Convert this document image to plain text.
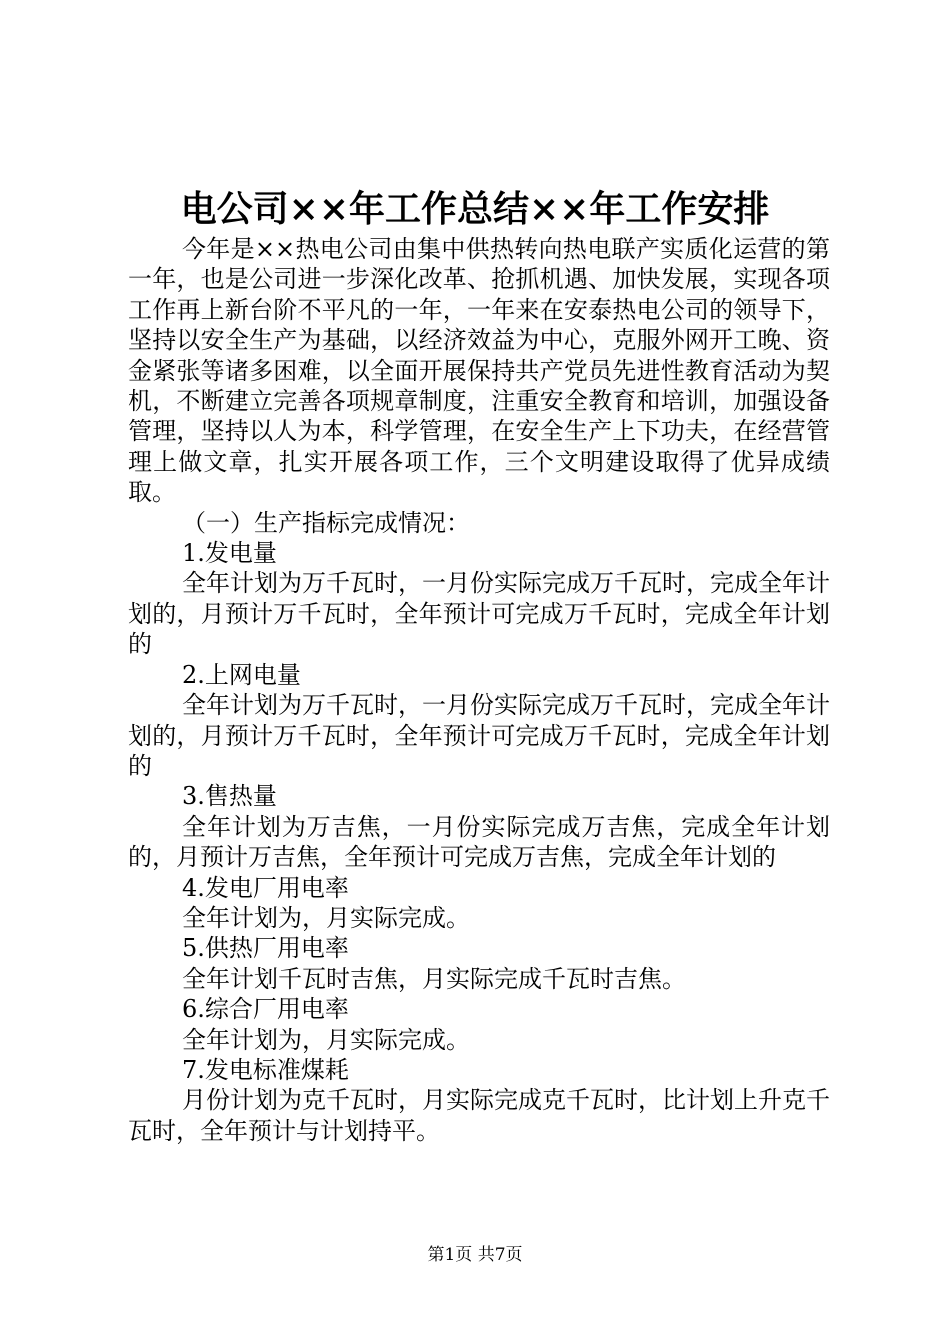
电公司××年工作总结××年工作安排

今年是××热电公司由集中供热转向热电联产实质化运营的第一年，也是公司进一步深化改革、抢抓机遇、加快发展，实现各项工作再上新台阶不平凡的一年，一年来在安泰热电公司的领导下，坚持以安全生产为基础，以经济效益为中心，克服外网开工晚、资金紧张等诸多困难，以全面开展保持共产党员先进性教育活动为契机，不断建立完善各项规章制度，注重安全教育和培训，加强设备管理，坚持以人为本，科学管理，在安全生产上下功夫，在经营管理上做文章，扎实开展各项工作，三个文明建设取得了优异成绩取。

（一）生产指标完成情况：

1.发电量

全年计划为万千瓦时，一月份实际完成万千瓦时，完成全年计划的，月预计万千瓦时，全年预计可完成万千瓦时，完成全年计划的

2.上网电量

全年计划为万千瓦时，一月份实际完成万千瓦时，完成全年计划的，月预计万千瓦时，全年预计可完成万千瓦时，完成全年计划的

3.售热量

全年计划为万吉焦，一月份实际完成万吉焦，完成全年计划的，月预计万吉焦，全年预计可完成万吉焦，完成全年计划的

4.发电厂用电率

全年计划为，月实际完成。

5.供热厂用电率

全年计划千瓦时吉焦，月实际完成千瓦时吉焦。

6.综合厂用电率

全年计划为，月实际完成。

7.发电标准煤耗

月份计划为克千瓦时，月实际完成克千瓦时，比计划上升克千瓦时，全年预计与计划持平。

第1页 共7页
